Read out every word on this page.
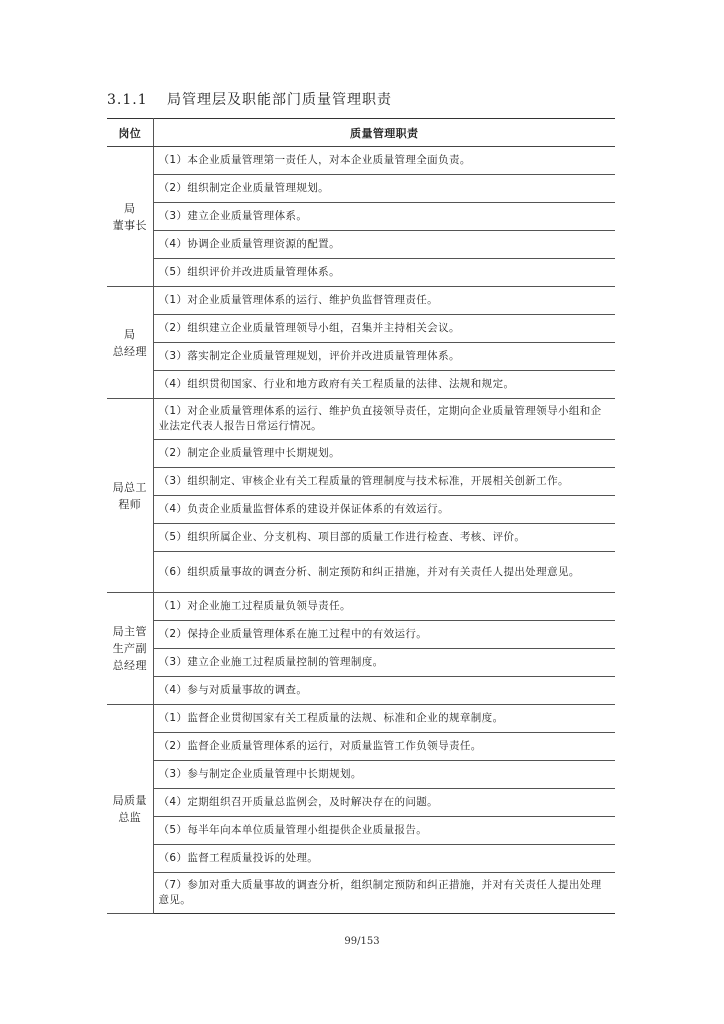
3.1.1 局管理层及职能部门质量管理职责
岗位	质量管理职责

局
董事长	（1）本企业质量管理第一责任人，对本企业质量管理全面负责。
	（2）组织制定企业质量管理规划。
	（3）建立企业质量管理体系。
	（4）协调企业质量管理资源的配置。
	（5）组织评价并改进质量管理体系。

局
总经理	（1）对企业质量管理体系的运行、维护负监督管理责任。
	（2）组织建立企业质量管理领导小组，召集并主持相关会议。
	（3）落实制定企业质量管理规划，评价并改进质量管理体系。
	（4）组织贯彻国家、行业和地方政府有关工程质量的法律、法规和规定。

局总工
程师	（1）对企业质量管理体系的运行、维护负直接领导责任，定期向企业质量管理领导小组和企业法定代表人报告日常运行情况。
	（2）制定企业质量管理中长期规划。
	（3）组织制定、审核企业有关工程质量的管理制度与技术标准，开展相关创新工作。
	（4）负责企业质量监督体系的建设并保证体系的有效运行。
	（5）组织所属企业、分支机构、项目部的质量工作进行检查、考核、评价。
	（6）组织质量事故的调查分析、制定预防和纠正措施，并对有关责任人提出处理意见。

局主管
生产副
总经理	（1）对企业施工过程质量负领导责任。
	（2）保持企业质量管理体系在施工过程中的有效运行。
	（3）建立企业施工过程质量控制的管理制度。
	（4）参与对质量事故的调查。

局质量
总监	（1）监督企业贯彻国家有关工程质量的法规、标准和企业的规章制度。
	（2）监督企业质量管理体系的运行，对质量监管工作负领导责任。
	（3）参与制定企业质量管理中长期规划。
	（4）定期组织召开质量总监例会，及时解决存在的问题。
	（5）每半年向本单位质量管理小组提供企业质量报告。
	（6）监督工程质量投诉的处理。
	（7）参加对重大质量事故的调查分析，组织制定预防和纠正措施，并对有关责任人提出处理意见。
99/153
